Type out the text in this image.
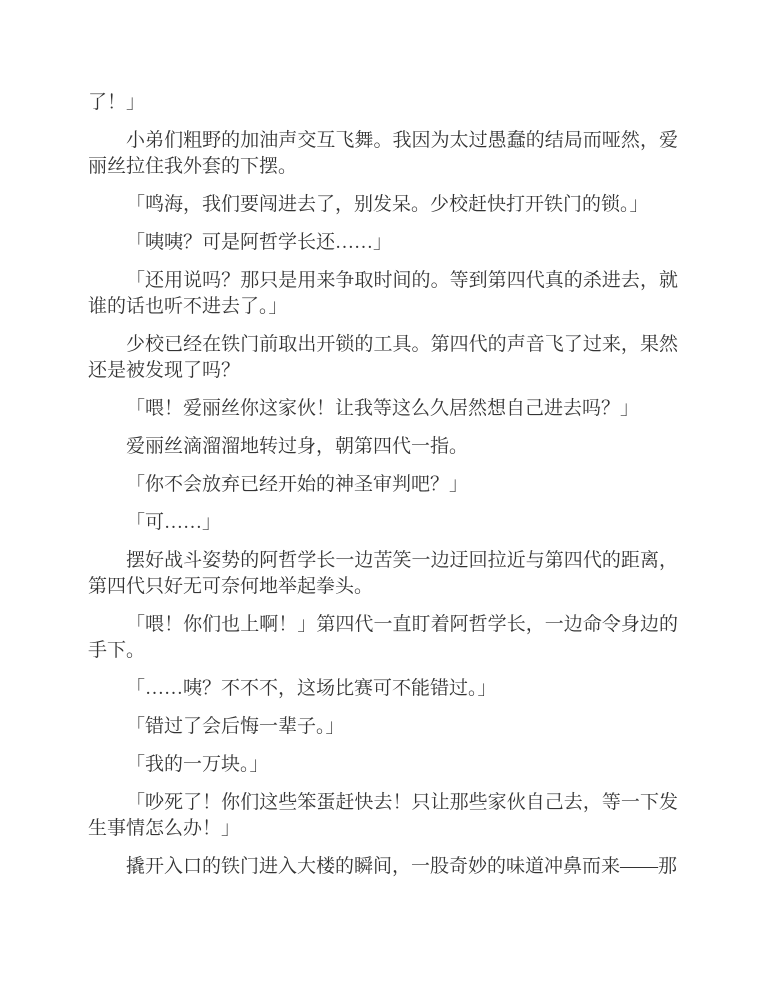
了！」

小弟们粗野的加油声交互飞舞。我因为太过愚蠢的结局而哑然，爱丽丝拉住我外套的下摆。

「鸣海，我们要闯进去了，别发呆。少校赶快打开铁门的锁。」

「咦咦？可是阿哲学长还……」

「还用说吗？那只是用来争取时间的。等到第四代真的杀进去，就谁的话也听不进去了。」

少校已经在铁门前取出开锁的工具。第四代的声音飞了过来，果然还是被发现了吗？

「喂！爱丽丝你这家伙！让我等这么久居然想自己进去吗？」

爱丽丝滴溜溜地转过身，朝第四代一指。

「你不会放弃已经开始的神圣审判吧？」

「可……」

摆好战斗姿势的阿哲学长一边苦笑一边迂回拉近与第四代的距离，第四代只好无可奈何地举起拳头。

「喂！你们也上啊！」第四代一直盯着阿哲学长，一边命令身边的手下。

「……咦？不不不，这场比赛可不能错过。」

「错过了会后悔一辈子。」

「我的一万块。」

「吵死了！你们这些笨蛋赶快去！只让那些家伙自己去，等一下发生事情怎么办！」

撬开入口的铁门进入大楼的瞬间，一股奇妙的味道冲鼻而来——那
